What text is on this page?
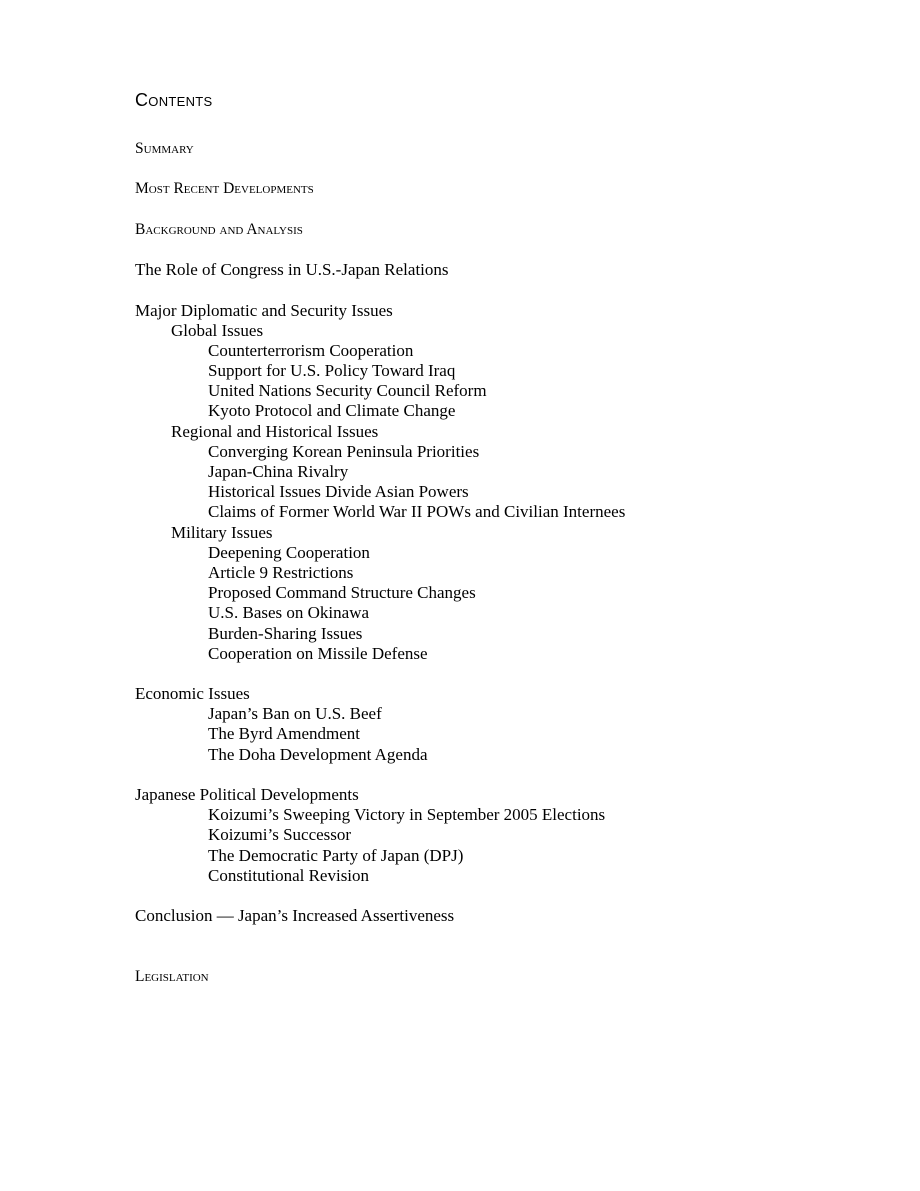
Contents
Summary
Most Recent Developments
Background and Analysis
The Role of Congress in U.S.-Japan Relations
Major Diplomatic and Security Issues
Global Issues
Counterterrorism Cooperation
Support for U.S. Policy Toward Iraq
United Nations Security Council Reform
Kyoto Protocol and Climate Change
Regional and Historical Issues
Converging Korean Peninsula Priorities
Japan-China Rivalry
Historical Issues Divide Asian Powers
Claims of Former World War II POWs and Civilian Internees
Military Issues
Deepening Cooperation
Article 9 Restrictions
Proposed Command Structure Changes
U.S. Bases on Okinawa
Burden-Sharing Issues
Cooperation on Missile Defense
Economic Issues
Japan’s Ban on U.S. Beef
The Byrd Amendment
The Doha Development Agenda
Japanese Political Developments
Koizumi’s Sweeping Victory in September 2005 Elections
Koizumi’s Successor
The Democratic Party of Japan (DPJ)
Constitutional Revision
Conclusion — Japan’s Increased Assertiveness
Legislation
